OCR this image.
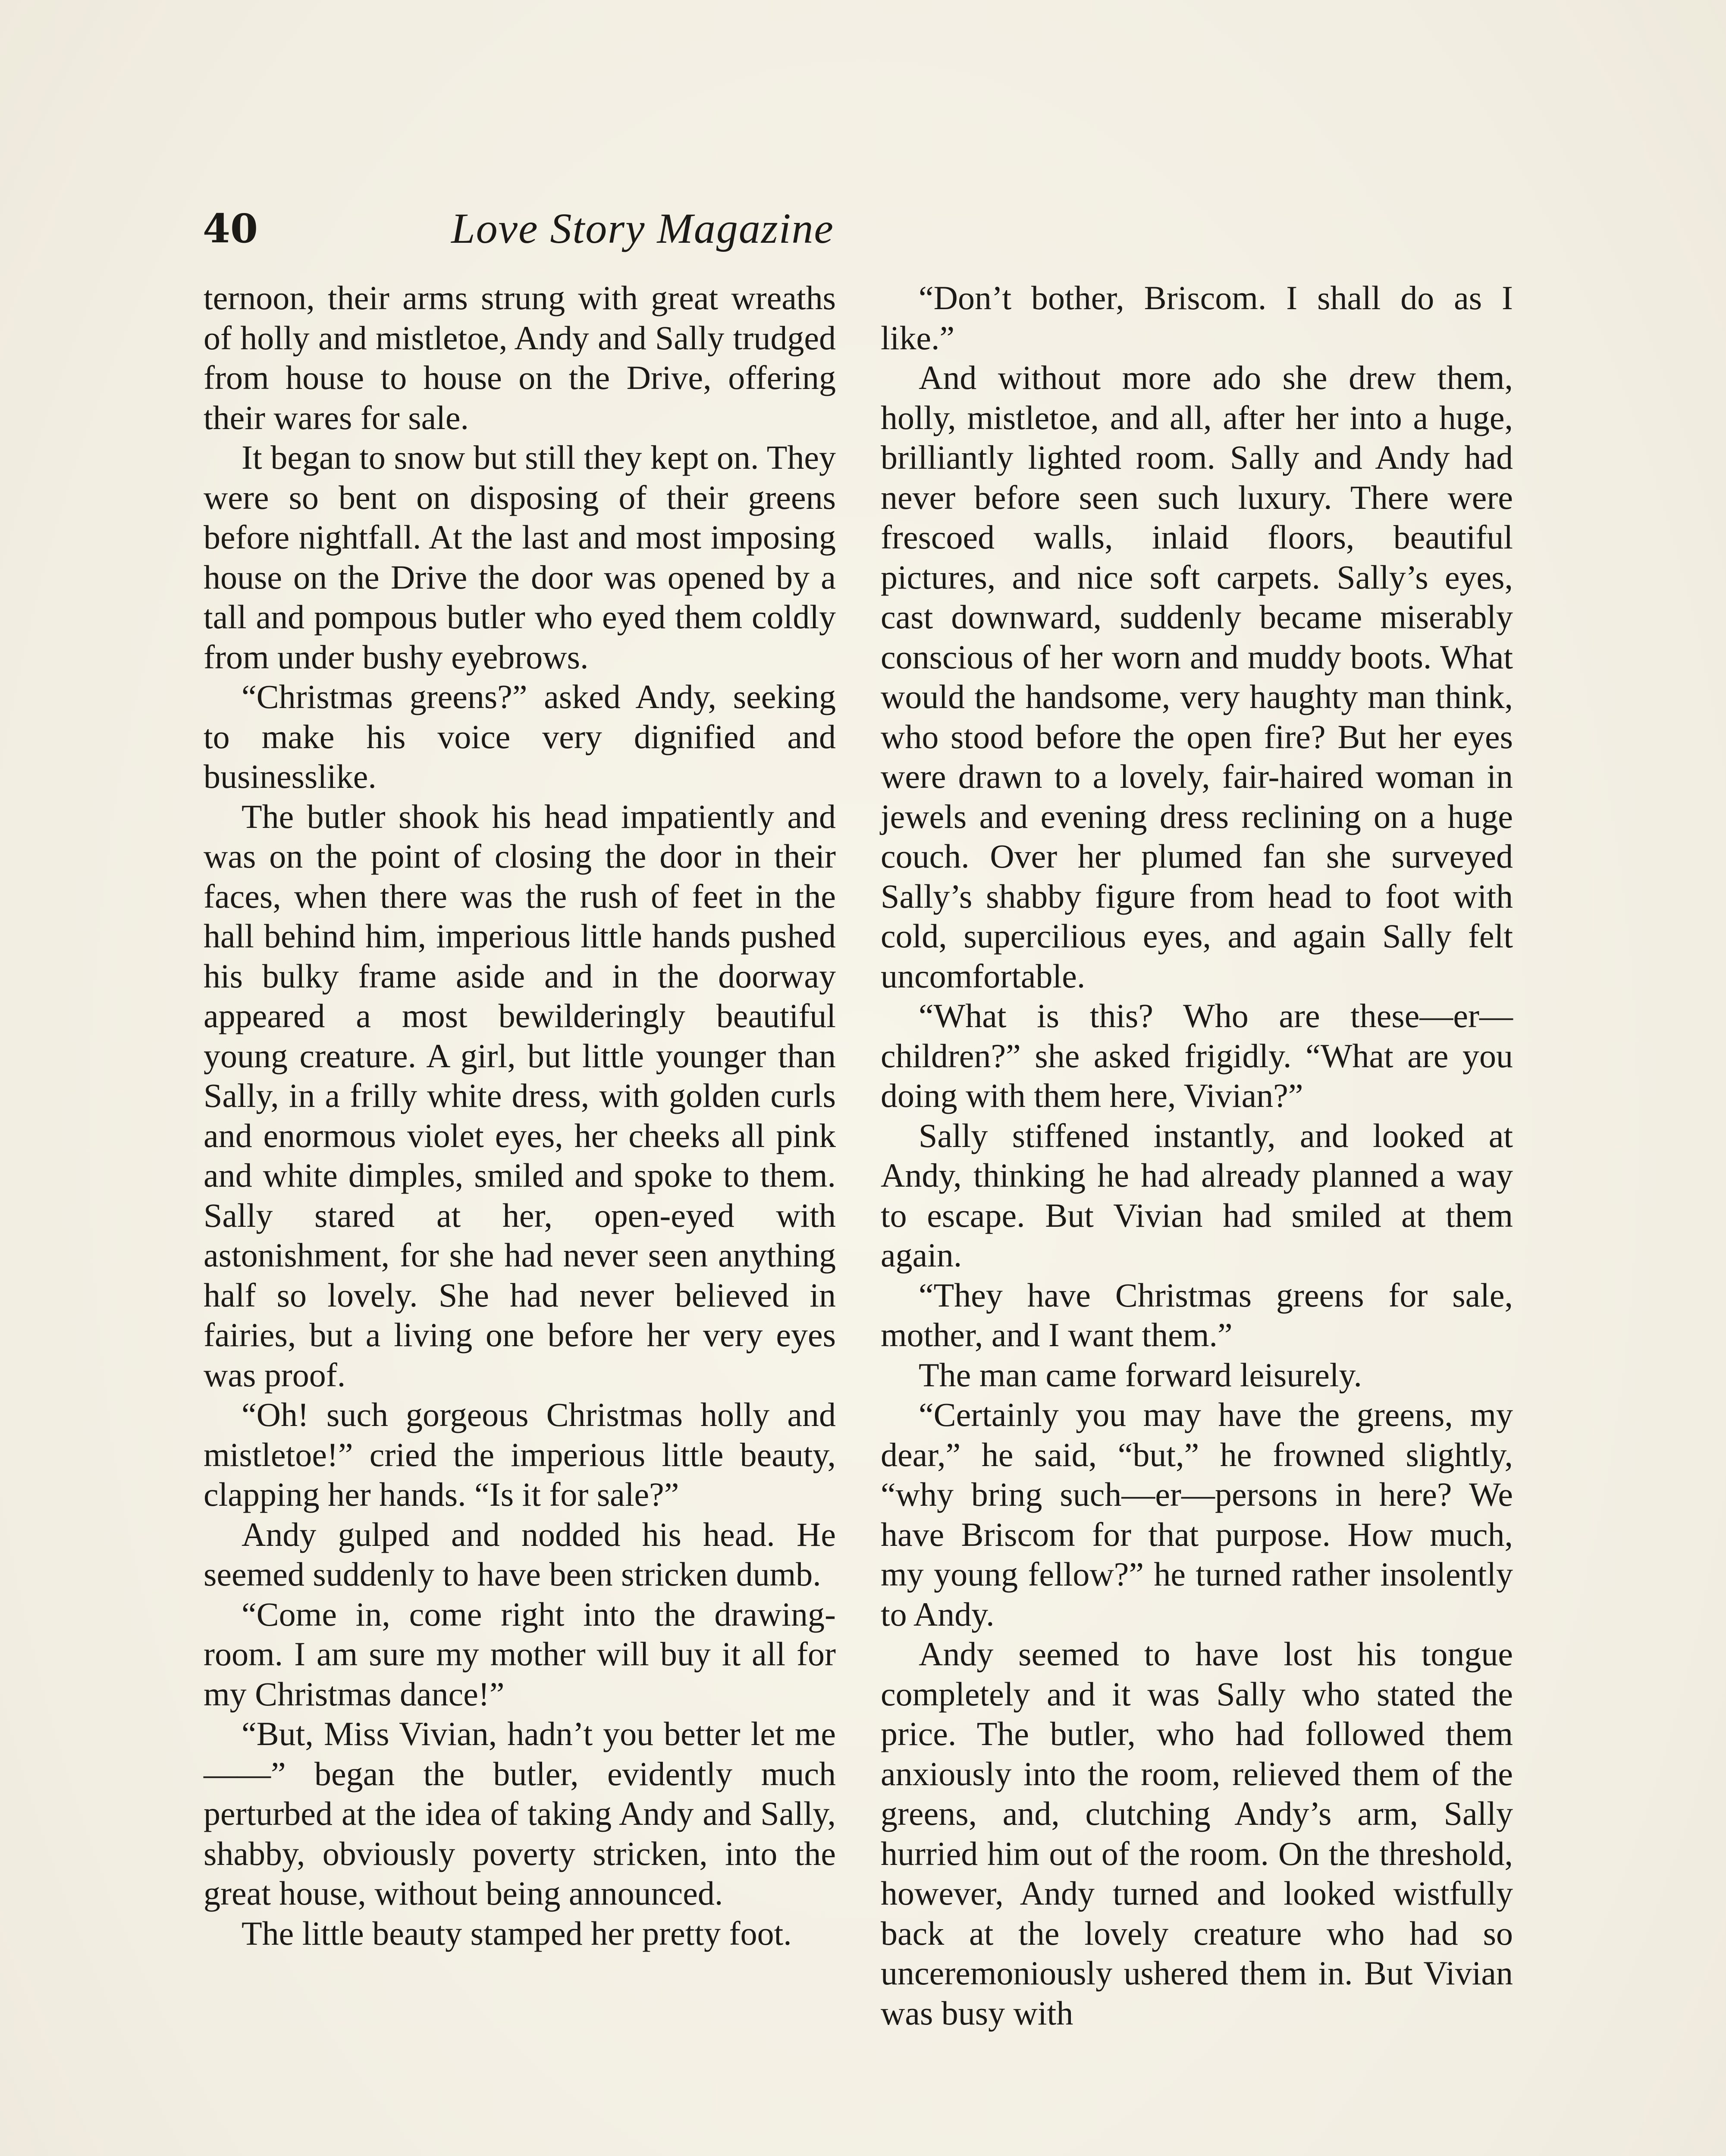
40	Love Story Magazine

ternoon, their arms strung with great wreaths of holly and mistletoe, Andy and Sally trudged from house to house on the Drive, offering their wares for sale.

It began to snow but still they kept on. They were so bent on disposing of their greens before nightfall. At the last and most imposing house on the Drive the door was opened by a tall and pompous butler who eyed them coldly from under bushy eyebrows.

“Christmas greens?” asked Andy, seeking to make his voice very dignified and businesslike.

The butler shook his head impatiently and was on the point of closing the door in their faces, when there was the rush of feet in the hall behind him, imperious little hands pushed his bulky frame aside and in the doorway appeared a most bewilderingly beautiful young creature. A girl, but little younger than Sally, in a frilly white dress, with golden curls and enormous violet eyes, her cheeks all pink and white dimples, smiled and spoke to them. Sally stared at her, open-eyed with astonishment, for she had never seen anything half so lovely. She had never believed in fairies, but a living one before her very eyes was proof.

“Oh! such gorgeous Christmas holly and mistletoe!” cried the imperious little beauty, clapping her hands. “Is it for sale?”

Andy gulped and nodded his head. He seemed suddenly to have been stricken dumb.

“Come in, come right into the drawing-room. I am sure my mother will buy it all for my Christmas dance!”

“But, Miss Vivian, hadn’t you better let me——” began the butler, evidently much perturbed at the idea of taking Andy and Sally, shabby, obviously poverty stricken, into the great house, without being announced.

The little beauty stamped her pretty foot.

“Don’t bother, Briscom. I shall do as I like.”

And without more ado she drew them, holly, mistletoe, and all, after her into a huge, brilliantly lighted room. Sally and Andy had never before seen such luxury. There were frescoed walls, inlaid floors, beautiful pictures, and nice soft carpets. Sally’s eyes, cast downward, suddenly became miserably conscious of her worn and muddy boots. What would the handsome, very haughty man think, who stood before the open fire? But her eyes were drawn to a lovely, fair-haired woman in jewels and evening dress reclining on a huge couch. Over her plumed fan she surveyed Sally’s shabby figure from head to foot with cold, supercilious eyes, and again Sally felt uncomfortable.

“What is this? Who are these—er—children?” she asked frigidly. “What are you doing with them here, Vivian?”

Sally stiffened instantly, and looked at Andy, thinking he had already planned a way to escape. But Vivian had smiled at them again.

“They have Christmas greens for sale, mother, and I want them.”

The man came forward leisurely.

“Certainly you may have the greens, my dear,” he said, “but,” he frowned slightly, “why bring such—er—persons in here? We have Briscom for that purpose. How much, my young fellow?” he turned rather insolently to Andy.

Andy seemed to have lost his tongue completely and it was Sally who stated the price. The butler, who had followed them anxiously into the room, relieved them of the greens, and, clutching Andy’s arm, Sally hurried him out of the room. On the threshold, however, Andy turned and looked wistfully back at the lovely creature who had so unceremoniously ushered them in. But Vivian was busy with
